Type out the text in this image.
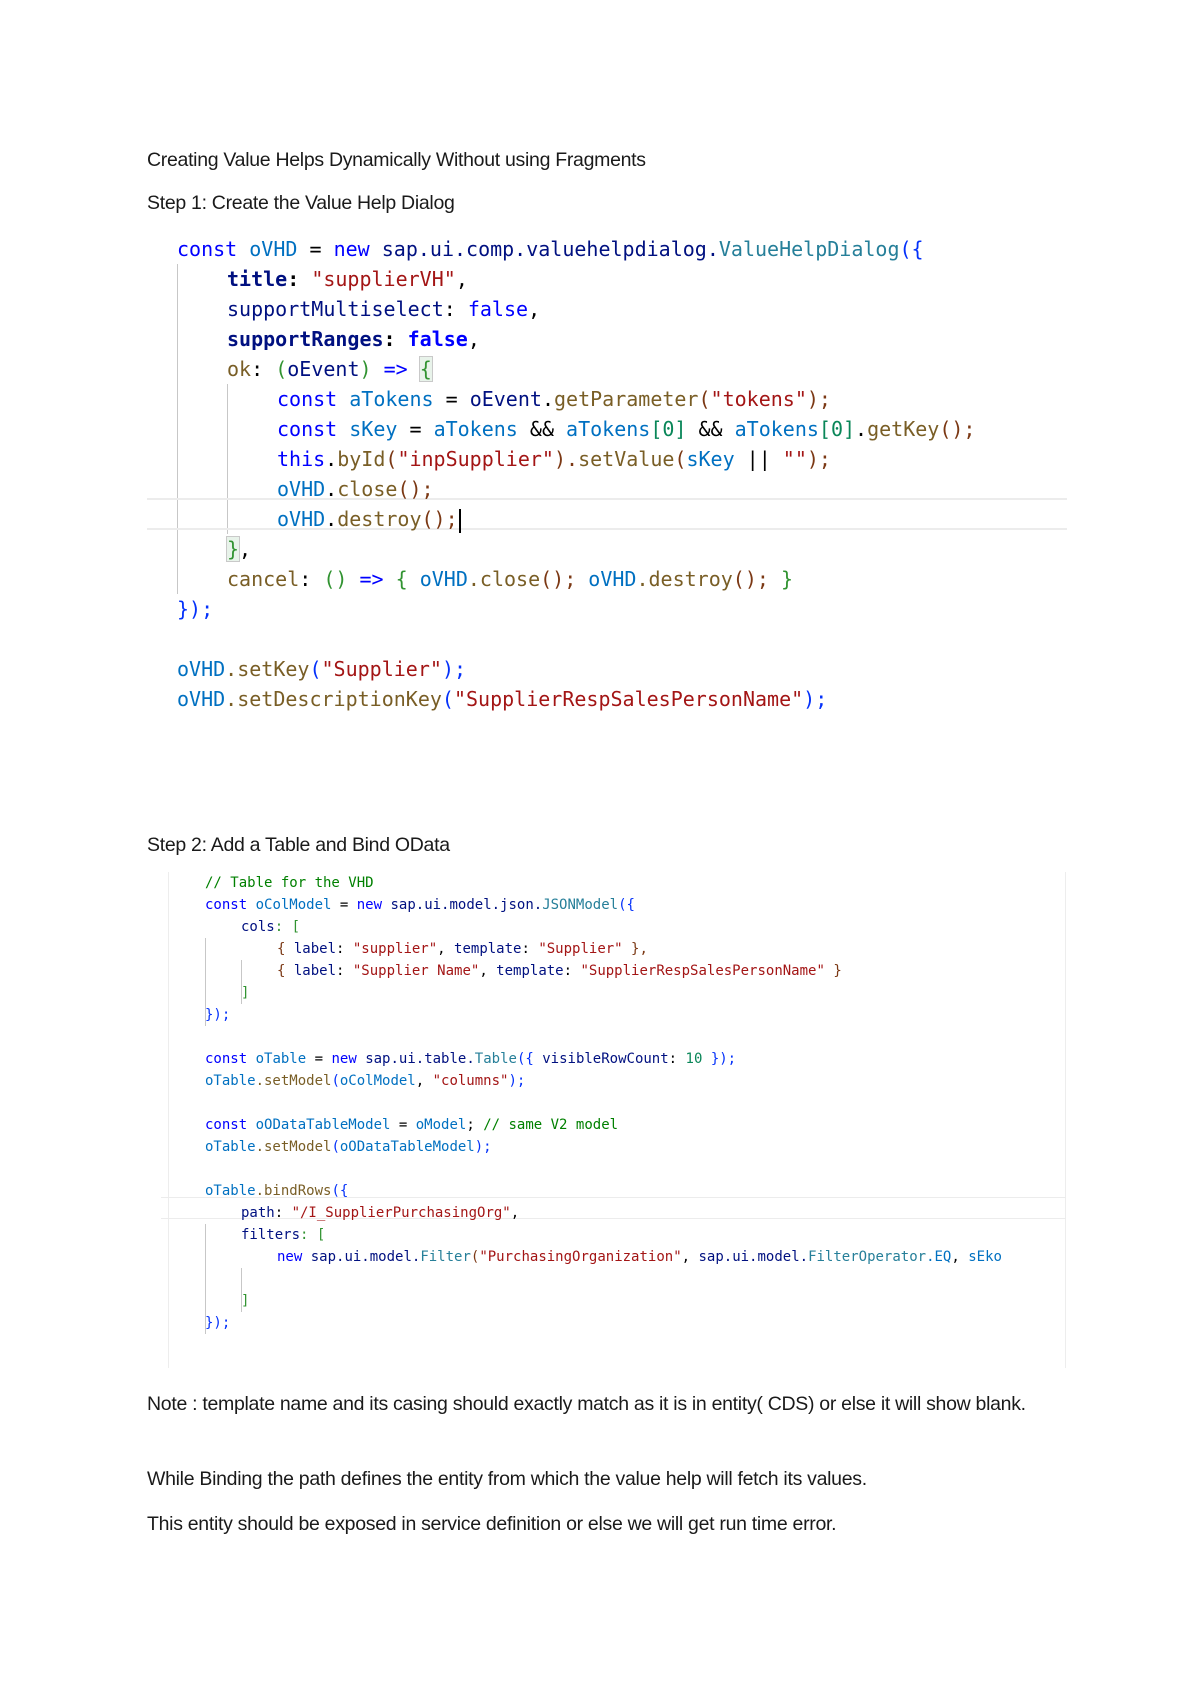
Creating Value Helps Dynamically Without using Fragments

Step 1: Create the Value Help Dialog

const oVHD = new sap.ui.comp.valuehelpdialog.ValueHelpDialog({
title: "supplierVH",
supportMultiselect: false,
supportRanges: false,
ok: (oEvent) => {
const aTokens = oEvent.getParameter("tokens");
const sKey = aTokens && aTokens[0] && aTokens[0].getKey();
this.byId("inpSupplier").setValue(sKey || "");
oVHD.close();
oVHD.destroy();
},
cancel: () => { oVHD.close(); oVHD.destroy(); }
});
oVHD.setKey("Supplier");
oVHD.setDescriptionKey("SupplierRespSalesPersonName");

Step 2: Add a Table and Bind OData

// Table for the VHD
const oColModel = new sap.ui.model.json.JSONModel({
cols: [
{ label: "supplier", template: "Supplier" },
{ label: "Supplier Name", template: "SupplierRespSalesPersonName" }
]
});
const oTable = new sap.ui.table.Table({ visibleRowCount: 10 });
oTable.setModel(oColModel, "columns");
const oODataTableModel = oModel; // same V2 model
oTable.setModel(oODataTableModel);
oTable.bindRows({
path: "/I_SupplierPurchasingOrg",
filters: [
new sap.ui.model.Filter("PurchasingOrganization", sap.ui.model.FilterOperator.EQ, sEko
]
});

Note : template name and its casing should exactly match as it is in entity( CDS) or else it will show blank.

While Binding the path defines the entity from which the value help will fetch its values.

This entity should be exposed in service definition or else we will get run time error.
